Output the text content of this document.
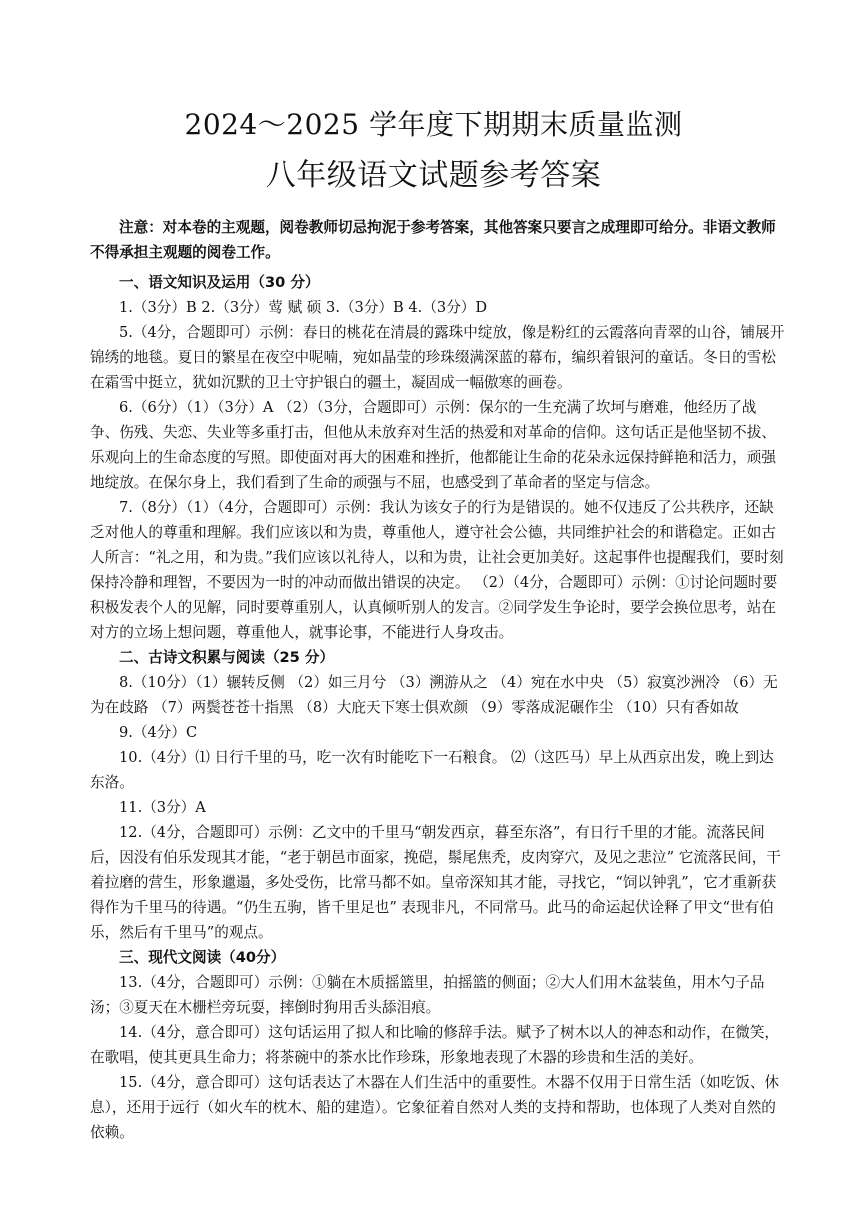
2024～2025 学年度下期期末质量监测
八年级语文试题参考答案
注意：对本卷的主观题，阅卷教师切忌拘泥于参考答案，其他答案只要言之成理即可给分。非语文教师不得承担主观题的阅卷工作。

一、语文知识及运用（30 分）

1.（3分）B 2.（3分）莺 赋 硕 3.（3分）B 4.（3分）D

5.（4分，合题即可）示例：春日的桃花在清晨的露珠中绽放，像是粉红的云霞落向青翠的山谷，铺展开锦绣的地毯。夏日的繁星在夜空中呢喃，宛如晶莹的珍珠缀满深蓝的幕布，编织着银河的童话。冬日的雪松在霜雪中挺立，犹如沉默的卫士守护银白的疆土，凝固成一幅傲寒的画卷。

6.（6分）（1）（3分）A （2）（3分，合题即可）示例：保尔的一生充满了坎坷与磨难，他经历了战争、伤残、失恋、失业等多重打击，但他从未放弃对生活的热爱和对革命的信仰。这句话正是他坚韧不拔、乐观向上的生命态度的写照。即使面对再大的困难和挫折，他都能让生命的花朵永远保持鲜艳和活力，顽强地绽放。在保尔身上，我们看到了生命的顽强与不屈，也感受到了革命者的坚定与信念。

7.（8分）（1）（4分，合题即可）示例：我认为该女子的行为是错误的。她不仅违反了公共秩序，还缺乏对他人的尊重和理解。我们应该以和为贵，尊重他人，遵守社会公德，共同维护社会的和谐稳定。正如古人所言：“礼之用，和为贵。”我们应该以礼待人，以和为贵，让社会更加美好。这起事件也提醒我们，要时刻保持冷静和理智，不要因为一时的冲动而做出错误的决定。 （2）（4分，合题即可）示例：①讨论问题时要积极发表个人的见解，同时要尊重别人，认真倾听别人的发言。②同学发生争论时，要学会换位思考，站在对方的立场上想问题，尊重他人，就事论事，不能进行人身攻击。

二、古诗文积累与阅读（25 分）

8.（10分）（1）辗转反侧 （2）如三月兮 （3）溯游从之 （4）宛在水中央 （5）寂寞沙洲冷 （6）无为在歧路 （7）两鬓苍苍十指黑 （8）大庇天下寒士俱欢颜 （9）零落成泥碾作尘 （10）只有香如故

9.（4分）C

10.（4分）⑴ 日行千里的马，吃一次有时能吃下一石粮食。 ⑵（这匹马）早上从西京出发，晚上到达东洛。

11.（3分）A

12.（4分，合题即可）示例：乙文中的千里马“朝发西京，暮至东洛”，有日行千里的才能。流落民间后，因没有伯乐发现其才能，“老于朝邑市面家，挽硙，鬃尾焦秃，皮肉穿穴，及见之悲泣” 它流落民间，干着拉磨的营生，形象邋遢，多处受伤，比常马都不如。皇帝深知其才能，寻找它，“饲以钟乳”，它才重新获得作为千里马的待遇。“仍生五驹，皆千里足也” 表现非凡，不同常马。此马的命运起伏诠释了甲文“世有伯乐，然后有千里马”的观点。

三、现代文阅读（40分）

13.（4分，合题即可）示例：①躺在木质摇篮里，拍摇篮的侧面；②大人们用木盆装鱼，用木勺子品汤；③夏天在木栅栏旁玩耍，摔倒时狗用舌头舔泪痕。

14.（4分，意合即可）这句话运用了拟人和比喻的修辞手法。赋予了树木以人的神态和动作，在微笑，在歌唱，使其更具生命力；将茶碗中的茶水比作珍珠，形象地表现了木器的珍贵和生活的美好。

15.（4分，意合即可）这句话表达了木器在人们生活中的重要性。木器不仅用于日常生活（如吃饭、休息），还用于远行（如火车的枕木、船的建造）。它象征着自然对人类的支持和帮助，也体现了人类对自然的依赖。
